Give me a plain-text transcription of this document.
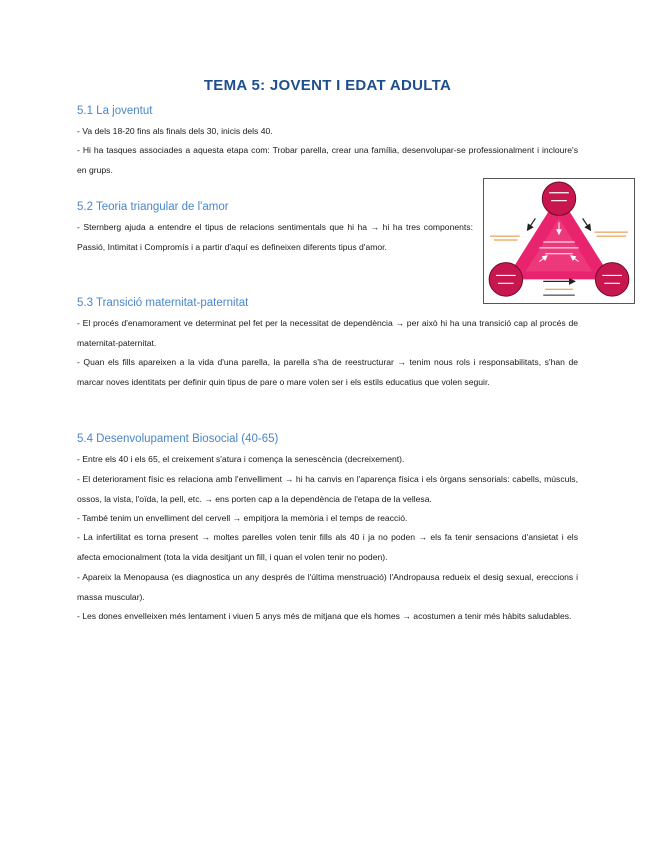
TEMA 5: JOVENT I EDAT ADULTA
5.1 La joventut

- Va dels 18-20 fins als finals dels 30, inicis dels 40.

- Hi ha tasques associades a aquesta etapa com: Trobar parella, crear una família, desenvolupar-se professionalment i incloure's en grups.

5.2 Teoria triangular de l'amor

- Sternberg ajuda a entendre el tipus de relacions sentimentals que hi ha → hi ha tres components: Passió, Intimitat i Compromís i a partir d'aquí es defineixen diferents tipus d'amor.

5.3 Transició maternitat-paternitat

- El procés d'enamorament ve determinat pel fet per la necessitat de dependència → per això hi ha una transició cap al procés de maternitat-paternitat.

- Quan els fills apareixen a la vida d'una parella, la parella s'ha de reestructurar → tenim nous rols i responsabilitats, s'han de marcar noves identitats per definir quin tipus de pare o mare volen ser i els estils educatius que volen seguir.

5.4 Desenvolupament Biosocial (40-65)

- Entre els 40 i els 65, el creixement s'atura i comença la senescència (decreixement).

- El deteriorament físic es relaciona amb l'envelliment → hi ha canvis en l'aparença física i els òrgans sensorials: cabells, músculs, ossos, la vista, l'oïda, la pell, etc. → ens porten cap a la dependència de l'etapa de la vellesa.

- També tenim un envelliment del cervell → empitjora la memòria i el temps de reacció.

- La infertilitat es torna present → moltes parelles volen tenir fills als 40 i ja no poden → els fa tenir sensacions d'ansietat i els afecta emocionalment (tota la vida desitjant un fill, i quan el volen tenir no poden).

- Apareix la Menopausa (es diagnostica un any després de l'última menstruació) l'Andropausa redueix el desig sexual, ereccions i massa muscular).

- Les dones envelleixen més lentament i viuen 5 anys més de mitjana que els homes → acostumen a tenir més hàbits saludables.
